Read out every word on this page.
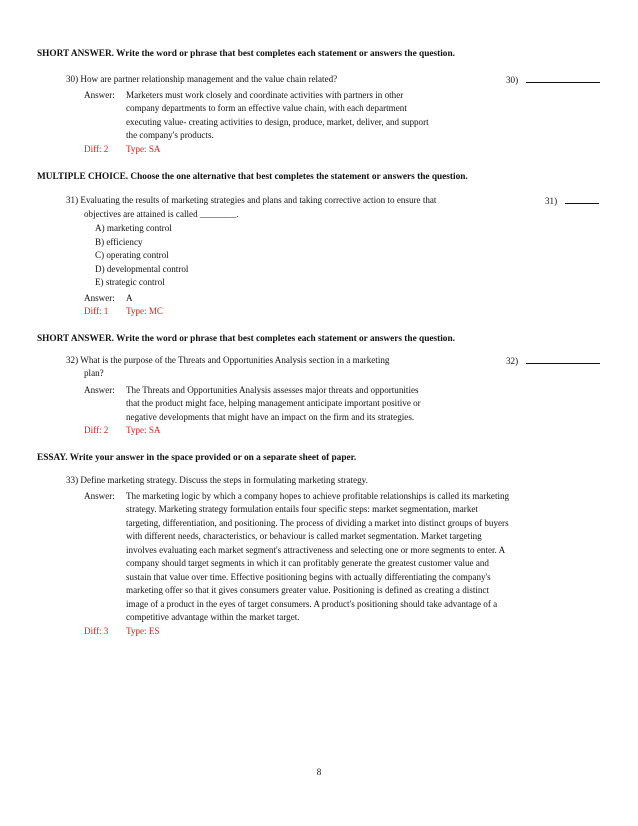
SHORT ANSWER. Write the word or phrase that best completes each statement or answers the question.
30) How are partner relationship management and the value chain related?	30)
Answer: Marketers must work closely and coordinate activities with partners in other
company departments to form an effective value chain, with each department
executing value- creating activities to design, produce, market, deliver, and support
the company's products.
Diff: 2 Type: SA
MULTIPLE CHOICE. Choose the one alternative that best completes the statement or answers the question.
31) Evaluating the results of marketing strategies and plans and taking corrective action to ensure that
objectives are attained is called ________.
31)
A) marketing control
B) efficiency
C) operating control
D) developmental control
E) strategic control
Answer: A
Diff: 1 Type: MC
SHORT ANSWER. Write the word or phrase that best completes each statement or answers the question.
32) What is the purpose of the Threats and Opportunities Analysis section in a marketing
plan?
32)
Answer: The Threats and Opportunities Analysis assesses major threats and opportunities
that the product might face, helping management anticipate important positive or
negative developments that might have an impact on the firm and its strategies.
Diff: 2 Type: SA
ESSAY. Write your answer in the space provided or on a separate sheet of paper.
33) Define marketing strategy. Discuss the steps in formulating marketing strategy.
Answer: The marketing logic by which a company hopes to achieve profitable relationships is called its marketing
strategy. Marketing strategy formulation entails four specific steps: market segmentation, market
targeting, differentiation, and positioning. The process of dividing a market into distinct groups of buyers
with different needs, characteristics, or behaviour is called market segmentation. Market targeting
involves evaluating each market segment's attractiveness and selecting one or more segments to enter. A
company should target segments in which it can profitably generate the greatest customer value and
sustain that value over time. Effective positioning begins with actually differentiating the company's
marketing offer so that it gives consumers greater value. Positioning is defined as creating a distinct
image of a product in the eyes of target consumers. A product's positioning should take advantage of a
competitive advantage within the market target.
Diff: 3 Type: ES
8
